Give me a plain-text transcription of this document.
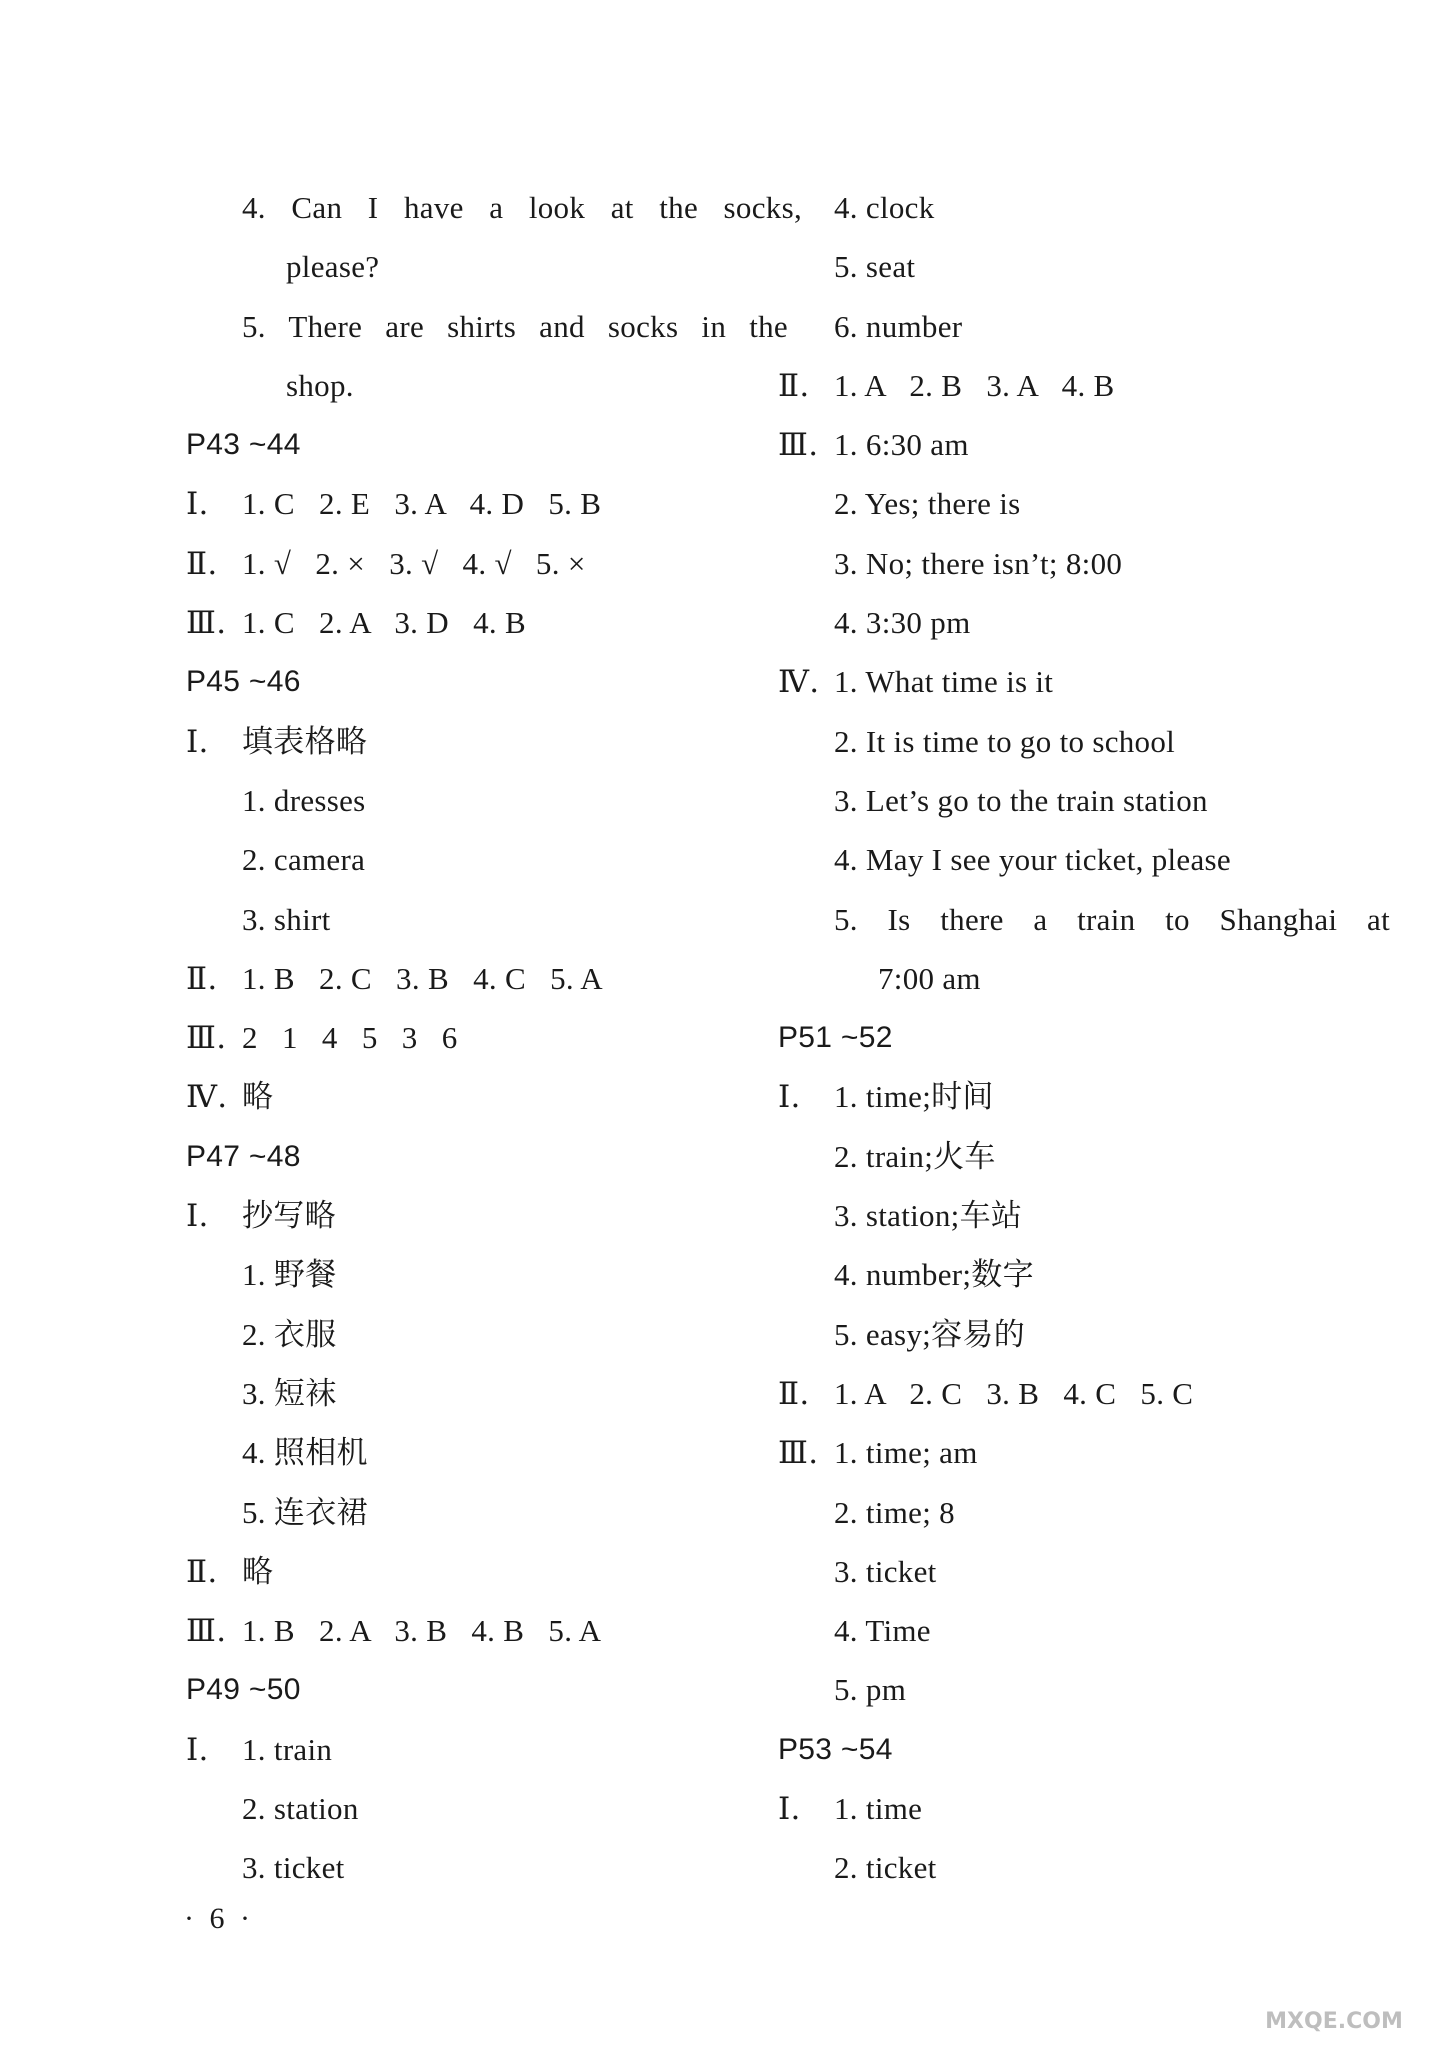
4. Can I have a look at the socks,
please?
5. There are shirts and socks in the
shop.
P43 ~44
Ⅰ. 1. C   2. E   3. A   4. D   5. B
Ⅱ. 1. √   2. ×   3. √   4. √   5. ×
Ⅲ. 1. C   2. A   3. D   4. B
P45 ~46
Ⅰ. 填表格略
1. dresses
2. camera
3. shirt
Ⅱ. 1. B   2. C   3. B   4. C   5. A
Ⅲ. 2   1   4   5   3   6
Ⅳ. 略
P47 ~48
Ⅰ. 抄写略
1. 野餐
2. 衣服
3. 短袜
4. 照相机
5. 连衣裙
Ⅱ. 略
Ⅲ. 1. B   2. A   3. B   4. B   5. A
P49 ~50
Ⅰ. 1. train
2. station
3. ticket
4. clock
5. seat
6. number
Ⅱ. 1. A   2. B   3. A   4. B
Ⅲ. 1. 6:30 am
2. Yes; there is
3. No; there isn’t; 8:00
4. 3:30 pm
Ⅳ. 1. What time is it
2. It is time to go to school
3. Let’s go to the train station
4. May I see your ticket, please
5. Is there a train to Shanghai at
7:00 am
P51 ~52
Ⅰ. 1. time;时间
2. train;火车
3. station;车站
4. number;数字
5. easy;容易的
Ⅱ. 1. A   2. C   3. B   4. C   5. C
Ⅲ. 1. time; am
2. time; 8
3. ticket
4. Time
5. pm
P53 ~54
Ⅰ. 1. time
2. ticket
· 6 ·
MXQE.COM
